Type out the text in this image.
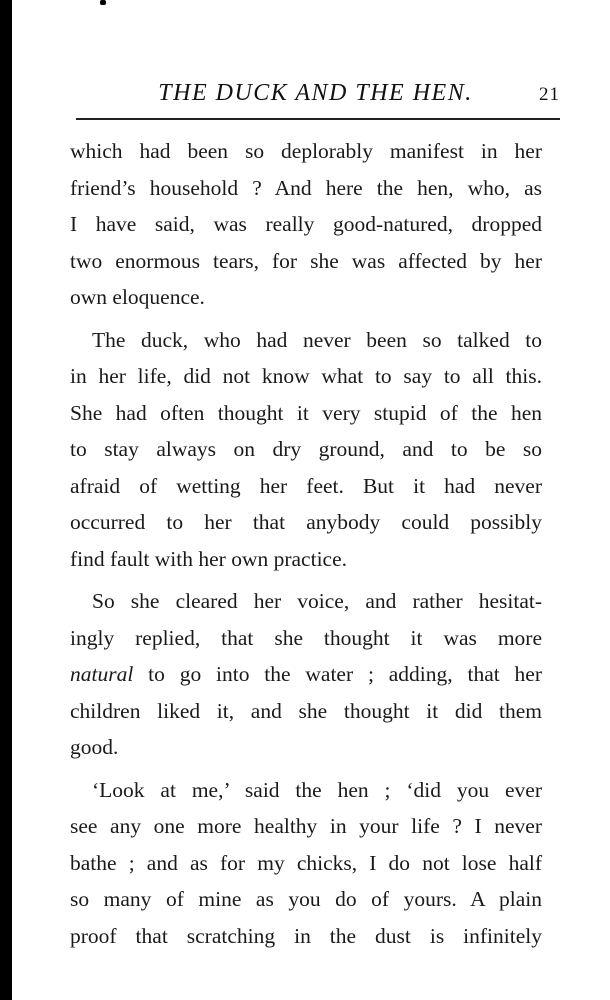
THE DUCK AND THE HEN.	21
which had been so deplorably manifest in her
friend’s household ? And here the hen, who, as
I have said, was really good-natured, dropped
two enormous tears, for she was affected by her
own eloquence.
The duck, who had never been so talked to
in her life, did not know what to say to all this.
She had often thought it very stupid of the hen
to stay always on dry ground, and to be so
afraid of wetting her feet. But it had never
occurred to her that anybody could possibly
find fault with her own practice.
So she cleared her voice, and rather hesitat-
ingly replied, that she thought it was more
natural to go into the water ; adding, that her
children liked it, and she thought it did them
good.
‘Look at me,’ said the hen ; ‘did you ever
see any one more healthy in your life ? I never
bathe ; and as for my chicks, I do not lose half
so many of mine as you do of yours. A plain
proof that scratching in the dust is infinitely
